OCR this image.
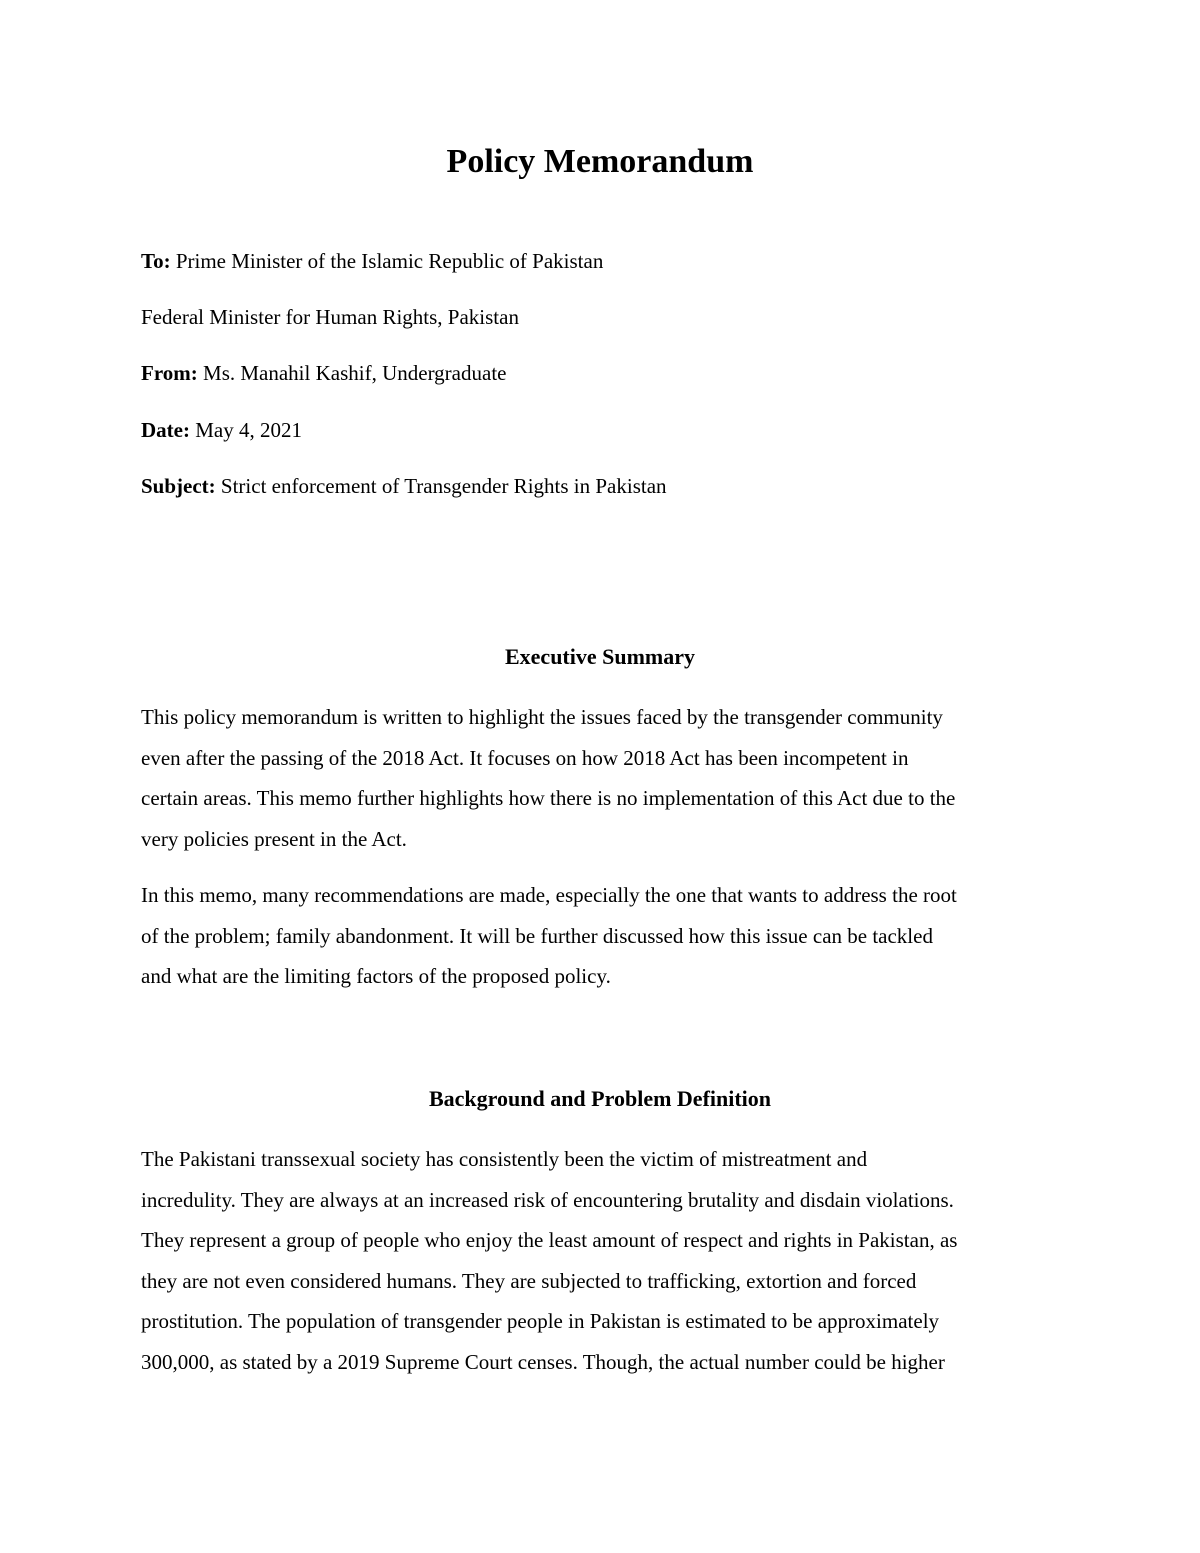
Policy Memorandum

To: Prime Minister of the Islamic Republic of Pakistan

Federal Minister for Human Rights, Pakistan

From: Ms. Manahil Kashif, Undergraduate

Date: May 4, 2021

Subject: Strict enforcement of Transgender Rights in Pakistan

Executive Summary

This policy memorandum is written to highlight the issues faced by the transgender community
even after the passing of the 2018 Act. It focuses on how 2018 Act has been incompetent in
certain areas. This memo further highlights how there is no implementation of this Act due to the
very policies present in the Act.

In this memo, many recommendations are made, especially the one that wants to address the root
of the problem; family abandonment. It will be further discussed how this issue can be tackled
and what are the limiting factors of the proposed policy.

Background and Problem Definition

The Pakistani transsexual society has consistently been the victim of mistreatment and
incredulity. They are always at an increased risk of encountering brutality and disdain violations.
They represent a group of people who enjoy the least amount of respect and rights in Pakistan, as
they are not even considered humans. They are subjected to trafficking, extortion and forced
prostitution. The population of transgender people in Pakistan is estimated to be approximately
300,000, as stated by a 2019 Supreme Court censes. Though, the actual number could be higher
